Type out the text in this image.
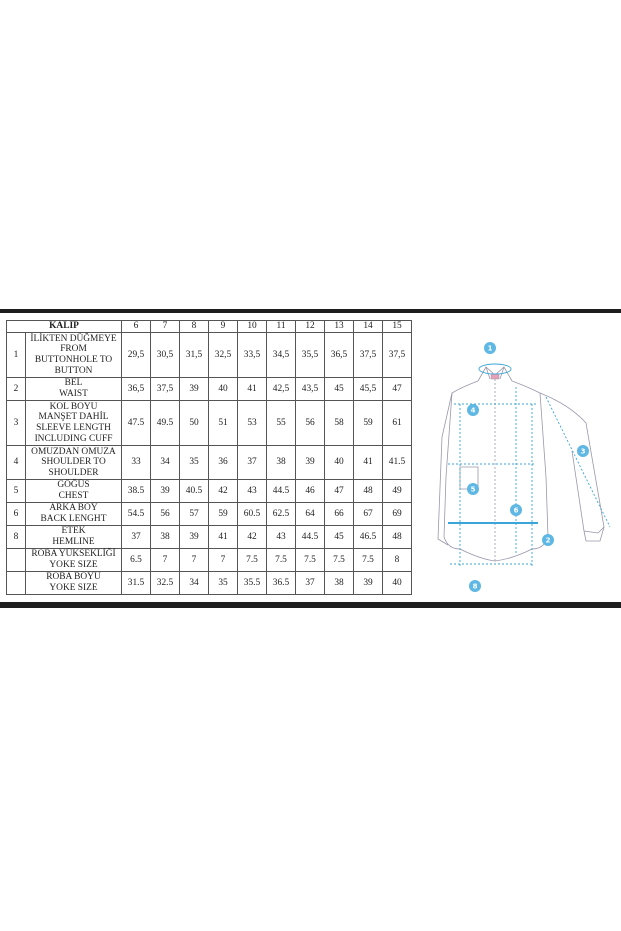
KALIP		6	7	8	9	10	11	12	13	14	15
1	İLİKTEN DÜĞMEYE
FROM
BUTTONHOLE TO
BUTTON	29,5	30,5	31,5	32,5	33,5	34,5	35,5	36,5	37,5	37,5
2	BEL
WAIST	36,5	37,5	39	40	41	42,5	43,5	45	45,5	47
3	KOL BOYU
MANŞET DAHİL
SLEEVE LENGTH
INCLUDING CUFF	47.5	49.5	50	51	53	55	56	58	59	61
4	OMUZDAN OMUZA
SHOULDER TO
SHOULDER	33	34	35	36	37	38	39	40	41	41.5
5	GÖĞÜS
CHEST	38.5	39	40.5	42	43	44.5	46	47	48	49
6	ARKA BOY
BACK LENGHT	54.5	56	57	59	60.5	62.5	64	66	67	69
8	ETEK
HEMLINE	37	38	39	41	42	43	44.5	45	46.5	48

	ROBA YÜKSEKLİĞİ
YOKE SIZE	6.5	7	7	7	7.5	7.5	7.5	7.5	7.5	8

	ROBA BOYU
YOKE SIZE	31.5	32.5	34	35	35.5	36.5	37	38	39	40
1
4
3
5
6
2
8
